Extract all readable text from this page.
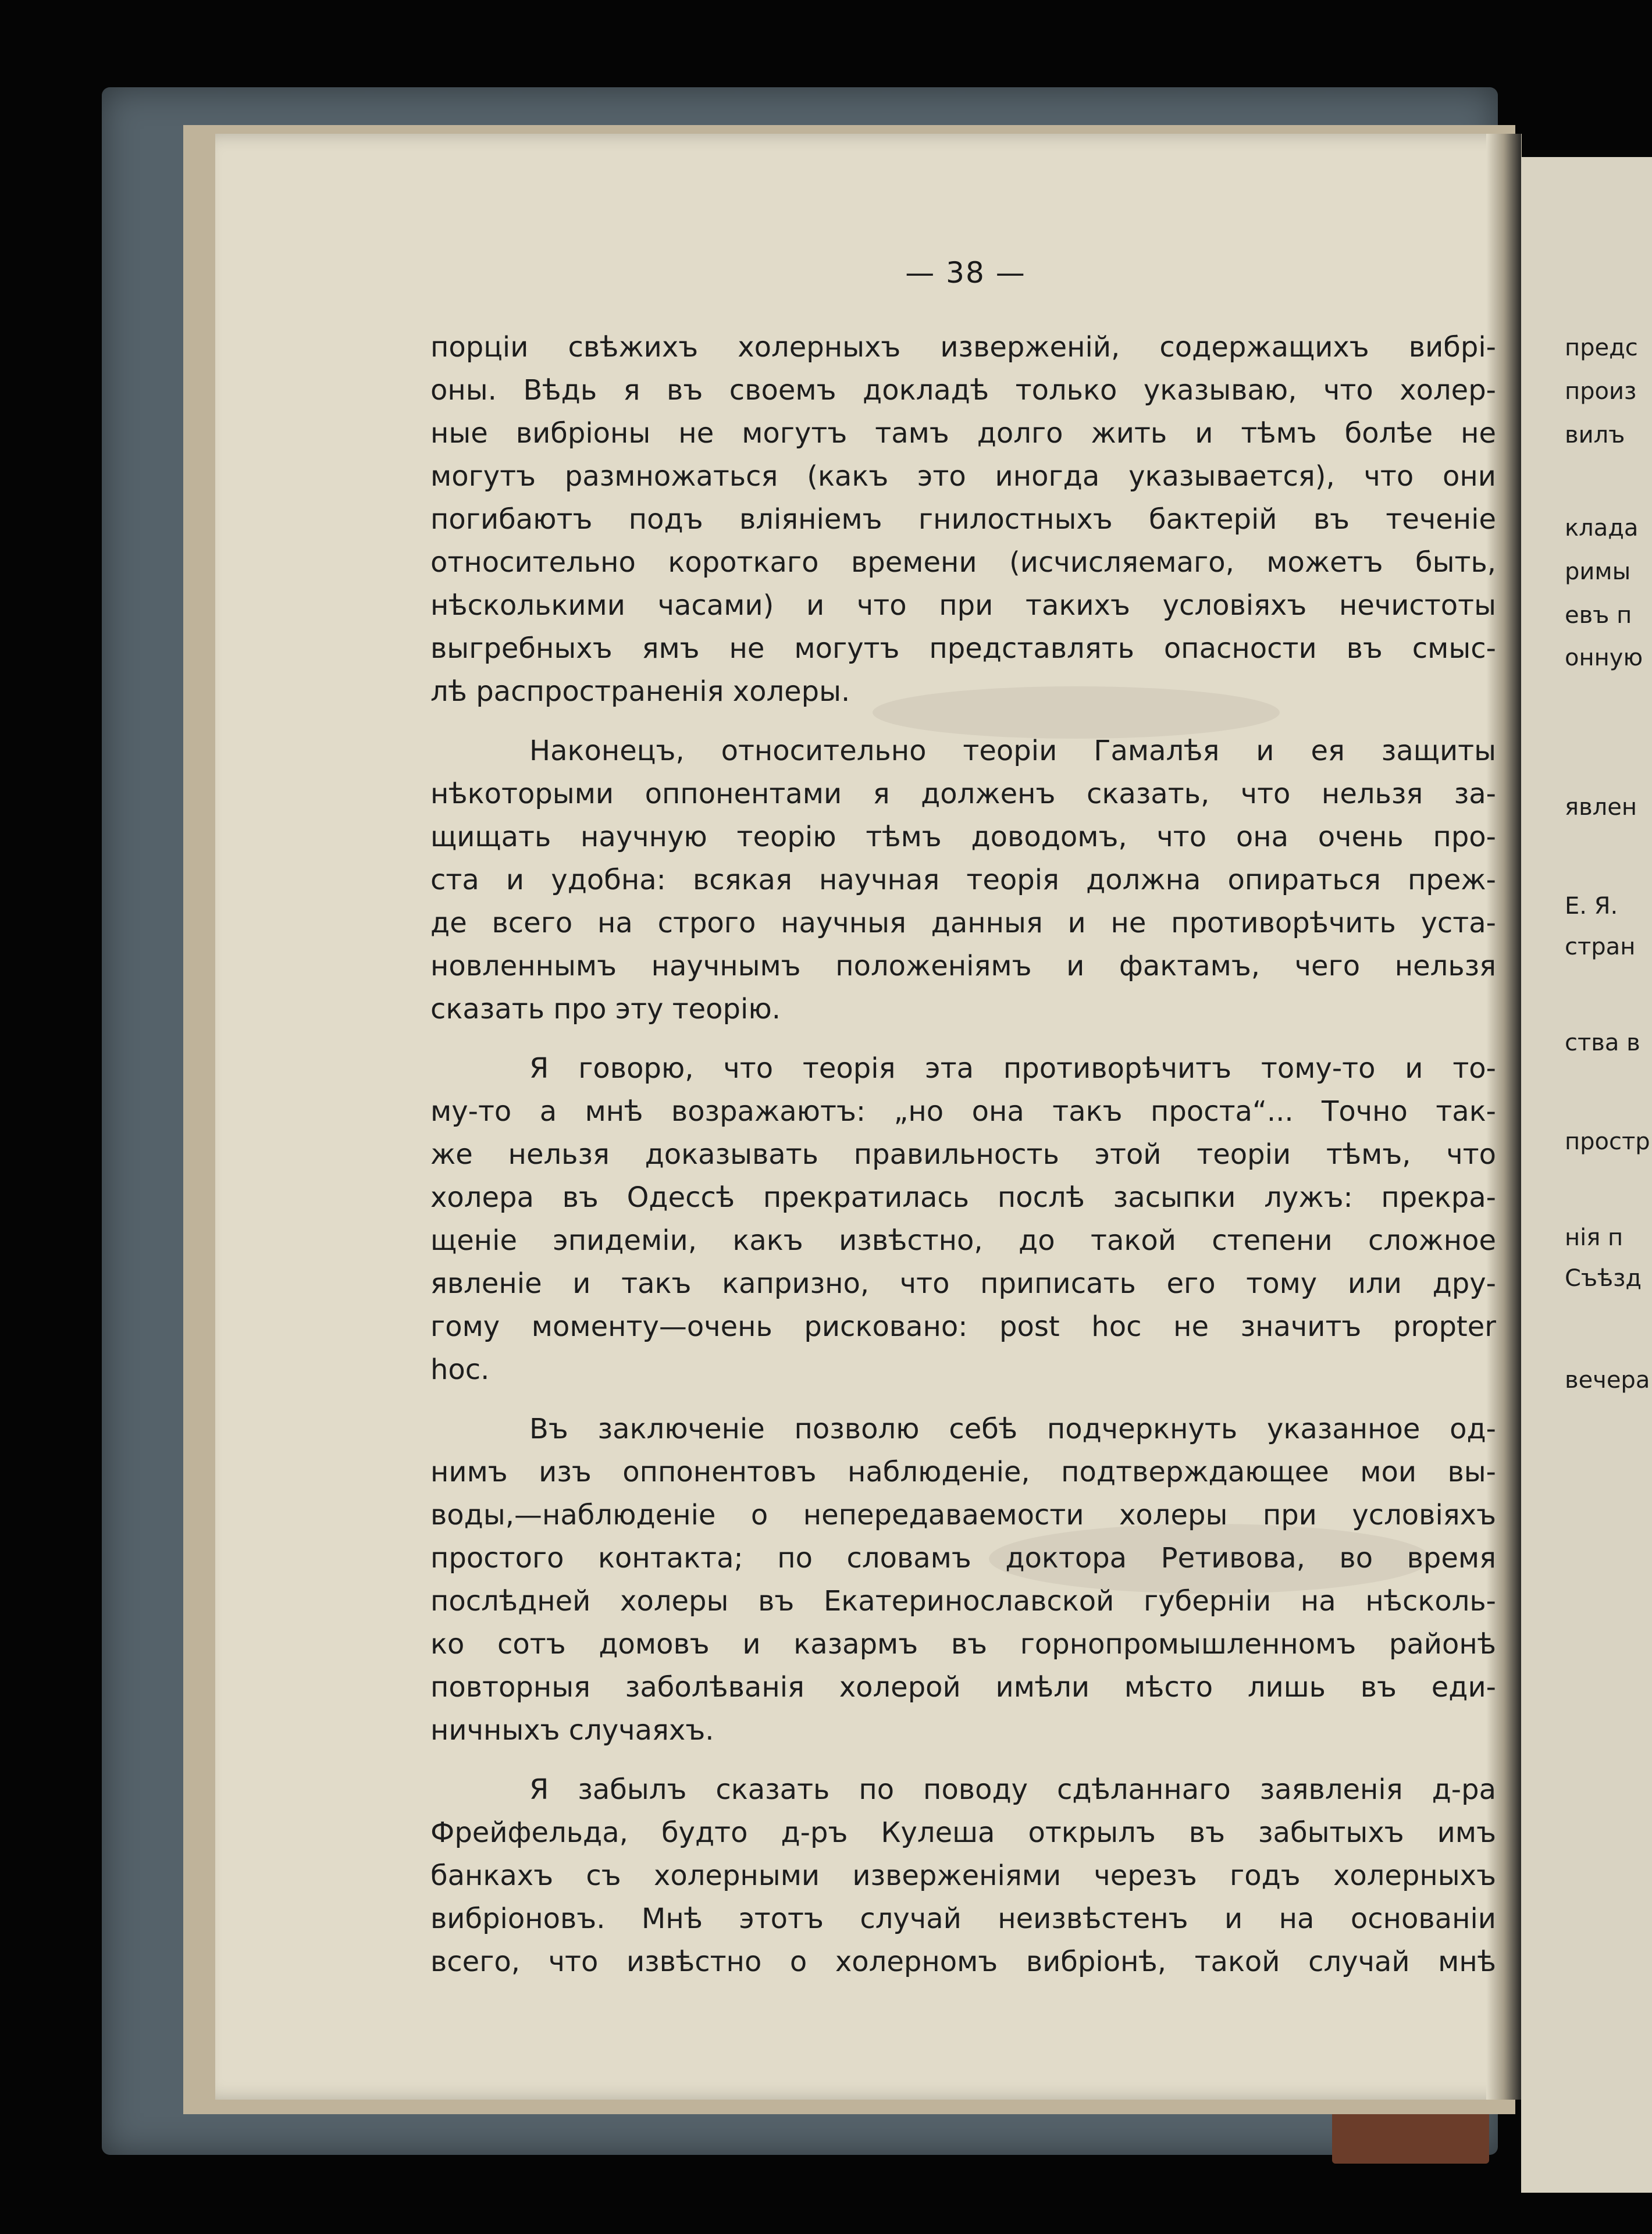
— 38 —
порціи свѣжихъ холерныхъ изверженій, содержащихъ вибрі-
оны. Вѣдь я въ своемъ докладѣ только указываю, что холер-
ные вибріоны не могутъ тамъ долго жить и тѣмъ болѣе не
могутъ размножаться (какъ это иногда указывается), что они
погибаютъ подъ вліяніемъ гнилостныхъ бактерій въ теченіе
относительно короткаго времени (исчисляемаго, можетъ быть,
нѣсколькими часами) и что при такихъ условіяхъ нечистоты
выгребныхъ ямъ не могутъ представлять опасности въ смыс-
лѣ распространенія холеры.
Наконецъ, относительно теоріи Гамалѣя и ея защиты
нѣкоторыми оппонентами я долженъ сказать, что нельзя за-
щищать научную теорію тѣмъ доводомъ, что она очень про-
ста и удобна: всякая научная теорія должна опираться преж-
де всего на строго научныя данныя и не противорѣчить уста-
новленнымъ научнымъ положеніямъ и фактамъ, чего нельзя
сказать про эту теорію.
Я говорю, что теорія эта противорѣчитъ тому-то и то-
му-то а мнѣ возражаютъ: „но она такъ проста“... Точно так-
же нельзя доказывать правильность этой теоріи тѣмъ, что
холера въ Одессѣ прекратилась послѣ засыпки лужъ: прекра-
щеніе эпидеміи, какъ извѣстно, до такой степени сложное
явленіе и такъ капризно, что приписать его тому или дру-
гому моменту—очень рисковано: post hoc не значитъ propter
hoc.
Въ заключеніе позволю себѣ подчеркнуть указанное од-
нимъ изъ оппонентовъ наблюденіе, подтверждающее мои вы-
воды,—наблюденіе о непередаваемости холеры при условіяхъ
простого контакта; по словамъ доктора Ретивова, во время
послѣдней холеры въ Екатеринославской губерніи на нѣсколь-
ко сотъ домовъ и казармъ въ горнопромышленномъ районѣ
повторныя заболѣванія холерой имѣли мѣсто лишь въ еди-
ничныхъ случаяхъ.
Я забылъ сказать по поводу сдѣланнаго заявленія д-ра
Фрейфельда, будто д-ръ Кулеша открылъ въ забытыхъ имъ
банкахъ съ холерными изверженіями черезъ годъ холерныхъ
вибріоновъ. Мнѣ этотъ случай неизвѣстенъ и на основаніи
всего, что извѣстно о холерномъ вибріонѣ, такой случай мнѣ
предс
произ
вилъ
клада
римы
евъ п
онную
явлен
Е. Я.
стран
ства в
простр
нія п
Съѣзд
вечера
